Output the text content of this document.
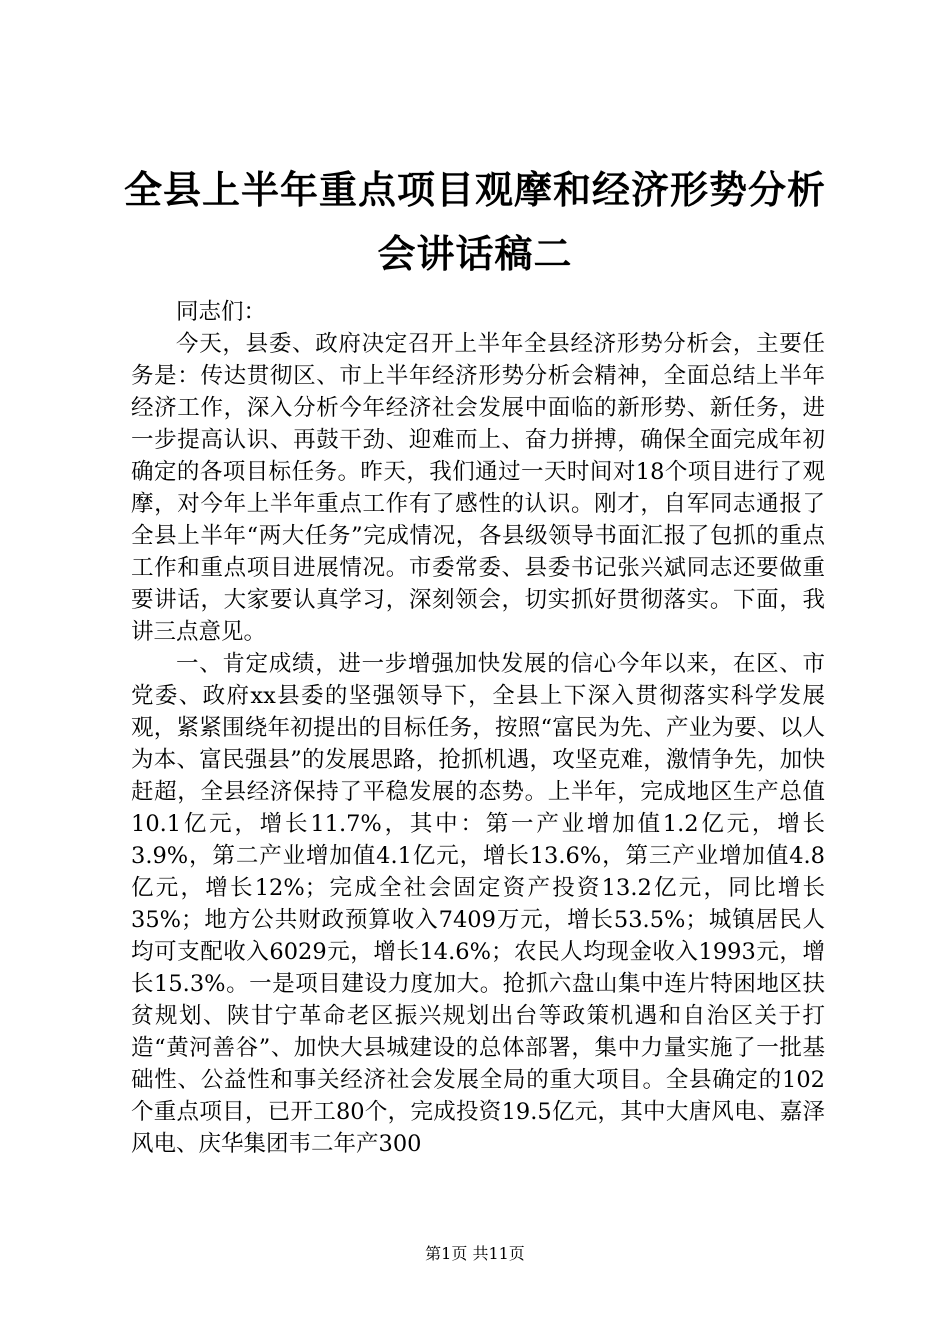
全县上半年重点项目观摩和经济形势分析会讲话稿二

同志们：

今天，县委、政府决定召开上半年全县经济形势分析会，主要任务是：传达贯彻区、市上半年经济形势分析会精神，全面总结上半年经济工作，深入分析今年经济社会发展中面临的新形势、新任务，进一步提高认识、再鼓干劲、迎难而上、奋力拼搏，确保全面完成年初确定的各项目标任务。昨天，我们通过一天时间对18个项目进行了观摩，对今年上半年重点工作有了感性的认识。刚才，自军同志通报了全县上半年“两大任务”完成情况，各县级领导书面汇报了包抓的重点工作和重点项目进展情况。市委常委、县委书记张兴斌同志还要做重要讲话，大家要认真学习，深刻领会，切实抓好贯彻落实。下面，我讲三点意见。

一、肯定成绩，进一步增强加快发展的信心今年以来，在区、市党委、政府xx县委的坚强领导下，全县上下深入贯彻落实科学发展观，紧紧围绕年初提出的目标任务，按照“富民为先、产业为要、以人为本、富民强县”的发展思路，抢抓机遇，攻坚克难，激情争先，加快赶超，全县经济保持了平稳发展的态势。上半年，完成地区生产总值10.1亿元，增长11.7%，其中：第一产业增加值1.2亿元，增长3.9%，第二产业增加值4.1亿元，增长13.6%，第三产业增加值4.8亿元，增长12%；完成全社会固定资产投资13.2亿元，同比增长35%；地方公共财政预算收入7409万元，增长53.5%；城镇居民人均可支配收入6029元，增长14.6%；农民人均现金收入1993元，增长15.3%。一是项目建设力度加大。抢抓六盘山集中连片特困地区扶贫规划、陕甘宁革命老区振兴规划出台等政策机遇和自治区关于打造“黄河善谷”、加快大县城建设的总体部署，集中力量实施了一批基础性、公益性和事关经济社会发展全局的重大项目。全县确定的102个重点项目，已开工80个，完成投资19.5亿元，其中大唐风电、嘉泽风电、庆华集团韦二年产300

第1页 共11页
